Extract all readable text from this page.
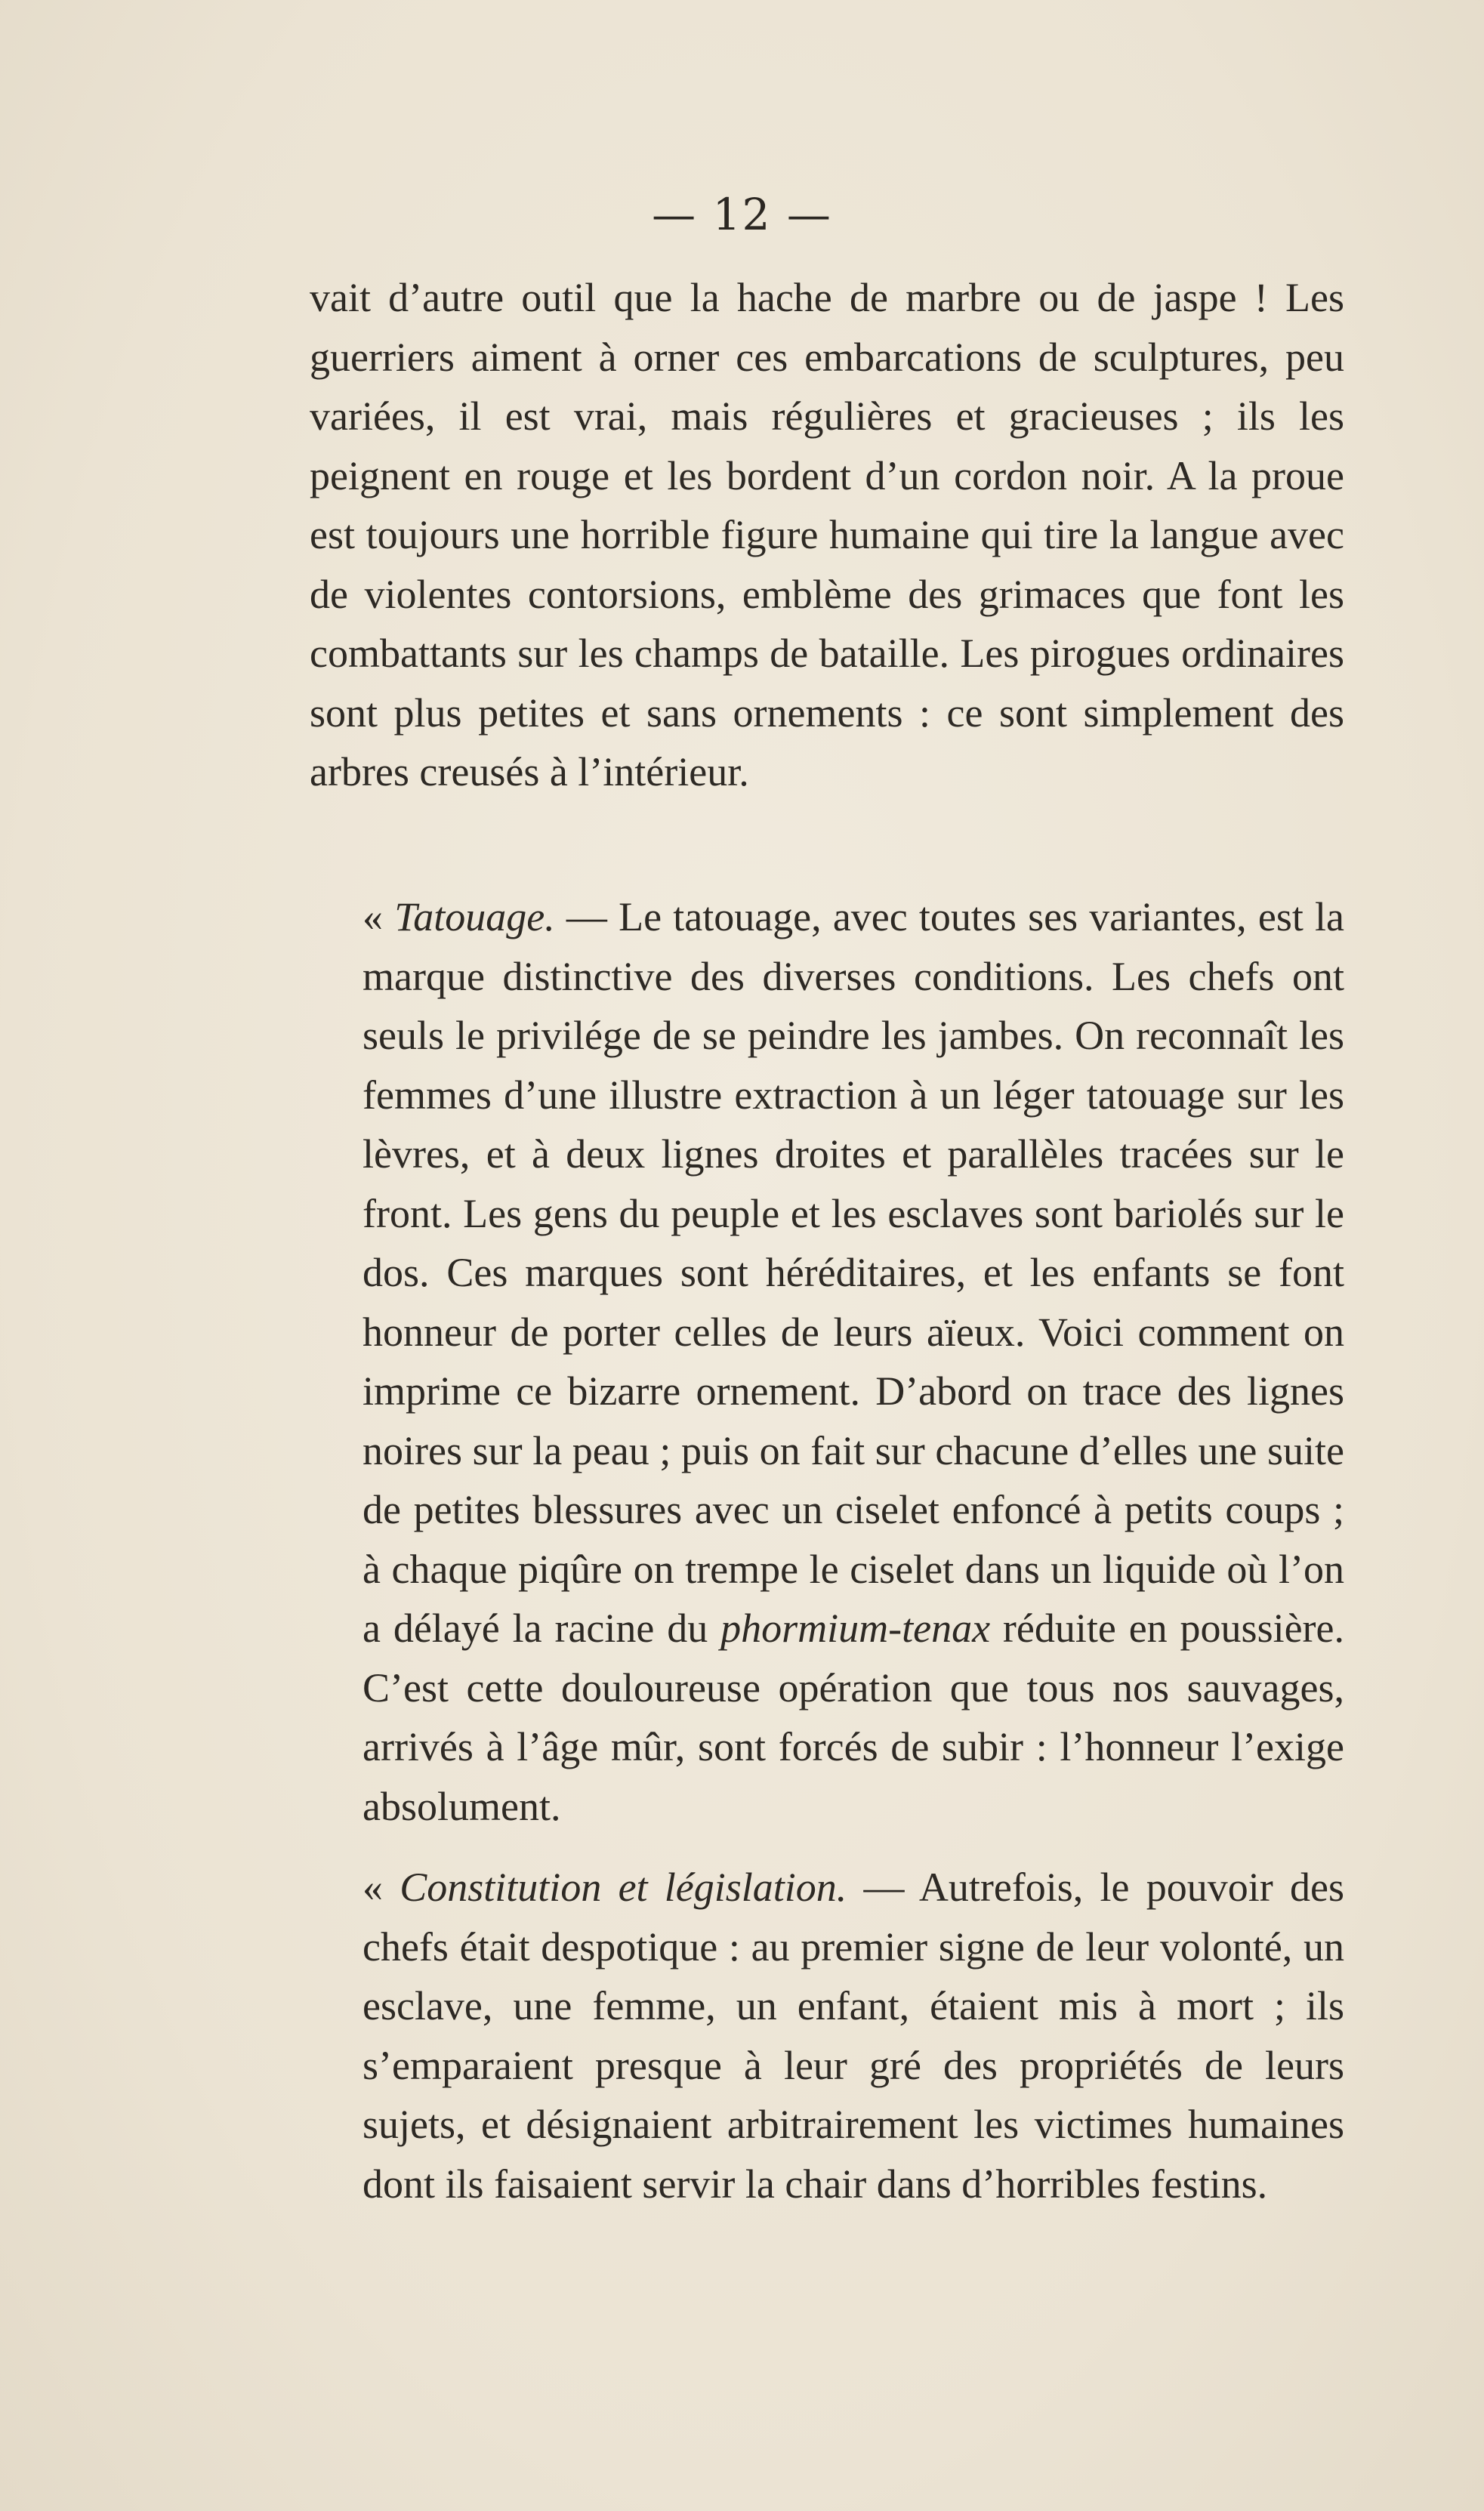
— 12 —

vait d’autre outil que la hache de marbre ou de jaspe ! Les guerriers aiment à orner ces embarcations de sculptures, peu variées, il est vrai, mais régulières et gracieuses ; ils les peignent en rouge et les bordent d’un cordon noir. A la proue est toujours une horrible figure humaine qui tire la langue avec de violentes contorsions, emblème des grimaces que font les combattants sur les champs de bataille. Les pirogues ordinaires sont plus petites et sans ornements : ce sont simplement des arbres creusés à l’intérieur.

« Tatouage. — Le tatouage, avec toutes ses variantes, est la marque distinctive des diverses conditions. Les chefs ont seuls le privilége de se peindre les jambes. On reconnaît les femmes d’une illustre extraction à un léger tatouage sur les lèvres, et à deux lignes droites et parallèles tracées sur le front. Les gens du peuple et les esclaves sont bariolés sur le dos. Ces marques sont héréditaires, et les enfants se font honneur de porter celles de leurs aïeux. Voici comment on imprime ce bizarre ornement. D’abord on trace des lignes noires sur la peau ; puis on fait sur chacune d’elles une suite de petites blessures avec un ciselet enfoncé à petits coups ; à chaque piqûre on trempe le ciselet dans un liquide où l’on a délayé la racine du phormium-tenax réduite en poussière. C’est cette douloureuse opération que tous nos sauvages, arrivés à l’âge mûr, sont forcés de subir : l’honneur l’exige absolument.

« Constitution et législation. — Autrefois, le pouvoir des chefs était despotique : au premier signe de leur volonté, un esclave, une femme, un enfant, étaient mis à mort ; ils s’emparaient presque à leur gré des propriétés de leurs sujets, et désignaient arbitrairement les victimes humaines dont ils faisaient servir la chair dans d’horribles festins.
